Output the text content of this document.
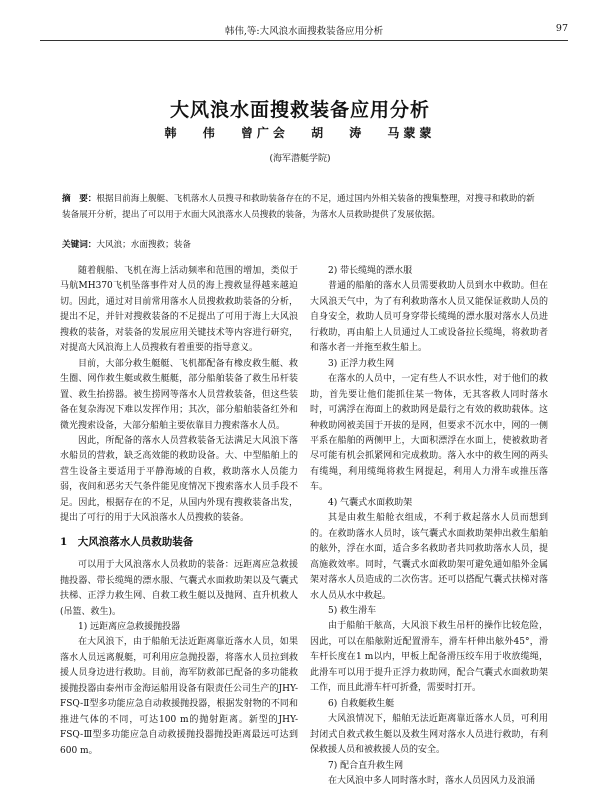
韩伟,等:大风浪水面搜救装备应用分析	97
大风浪水面搜救装备应用分析
韩 伟 曾广会 胡 涛 马蒙蒙
(海军潜艇学院)
摘　要：根据目前海上舰艇、飞机落水人员搜寻和救助装备存在的不足，通过国内外相关装备的搜集整理，对搜寻和救助的新装备展开分析，提出了可以用于水面大风浪落水人员搜救的装备，为落水人员救助提供了发展依据。
关键词：大风浪；水面搜救；装备

随着舰船、飞机在海上活动频率和范围的增加，类似于马航MH370飞机坠落事件对人员的海上搜救显得越来越迫切。因此，通过对目前常用落水人员搜救救助装备的分析，提出不足，并针对搜救装备的不足提出了可用于海上大风浪搜救的装备，对装备的发展应用关键技术等内容进行研究，对提高大风浪海上人员搜救有着重要的指导意义。

目前，大部分救生艇艇、飞机都配备有橡皮救生艇、救生圈、网作救生艇或救生艇艇，部分船舶装备了救生吊杆装置、救生抬捞器。被生捞网等落水人员营救装备，但这些装备在复杂海况下难以发挥作用；其次，部分船舶装备红外和微光搜索设备，大部分船舶主要依靠目力搜索落水人员。

因此，所配备的落水人员营救装备无法满足大风浪下落水船员的营救，缺乏高效能的救助设备。大、中型船舶上的营生设备主要适用于平静海域的自救，救助落水人员能力弱，夜间和恶劣天气条件能见度情况下搜索落水人员手段不足。因此，根据存在的不足，从国内外现有搜救装备出发，提出了可行的用于大风浪落水人员搜救的装备。

1　大风浪落水人员救助装备

可以用于大风浪落水人员救助的装备：远距离应急救援抛投器、带长缆绳的漂水服、气囊式水面救助架以及气囊式扶梯、正浮力救生网、自救工救生艇以及抛网、直升机救人(吊篮、救生)。

1) 远距离应急救援抛投器

在大风浪下，由于船舶无法近距离靠近落水人员，如果落水人员远离舰艇，可利用应急抛投器，将落水人员拉到救援人员身边进行救助。目前，海军防救部已配备的多功能救援抛投器由泰州市金海运船用设备有限责任公司生产的JHY-FSQ-Ⅱ型多功能应急自动救援抛投器，根据发射物的不同和推进气体的不同，可达100 m的抛射距离。新型的JHY-FSQ-Ⅲ型多功能应急自动救援抛投器抛投距离最远可达到600 m。

2) 带长缆绳的漂水服

普通的船舶的落水人员需要救助人员到水中救助。但在大风浪天气中，为了有利救助落水人员又能保证救助人员的自身安全，救助人员可身穿带长缆绳的漂水服对落水人员进行救助，再由船上人员通过人工或设备拉长缆绳，将救助者和落水者一并拖至救生船上。

3) 正浮力救生网

在落水的人员中，一定有些人不识水性，对于他们的救助，首先要让他们能抓住某一物体，无其客救人同时落水时，可满浮在海面上的救助网是最行之有效的救助载体。这种救助网被美国于开拔的是网，但要求不沉水中，网的一侧平系在船舶的两侧甲上，大面积漂浮在水面上，使被救助者尽可能有机会抓紧网和完成救助。落入水中的救生网的两头有缆绳，利用缆绳将救生网提起，利用人力滑车或推压落车。

4) 气囊式水面救助架

其是由救生船舱衣组成，不利于救起落水人员而想到的。在救助落水人员时，该气囊式水面救助架伸出救生船舶的舷外，浮在水面，适合多名救助者共同救助落水人员，提高施救效率。同时，气囊式水面救助架可避免通如船外金属架对落水人员造成的二次伤害。还可以搭配气囊式扶梯对落水人员从水中救起。

5) 救生滑车

由于船舶干舷高，大风浪下救生吊杆的操作比较危险，因此，可以在船舷附近配置滑车，滑车杆伸出舷外45°，滑车杆长度在1 m以内，甲板上配备滑压绞车用于收放缆绳，此滑车可以用于提升正浮力救助网，配合气囊式水面救助架工作，而且此滑车杆可折叠，需要时打开。

6) 自救艇救生艇

大风浪情况下，船舶无法近距离靠近落水人员，可利用封闭式自救式救生艇以及救生网对落水人员进行救助，有利保救援人员和被救援人员的安全。

7) 配合直升救生网

在大风浪中多人同时落水时，落水人员因风力及浪涌
